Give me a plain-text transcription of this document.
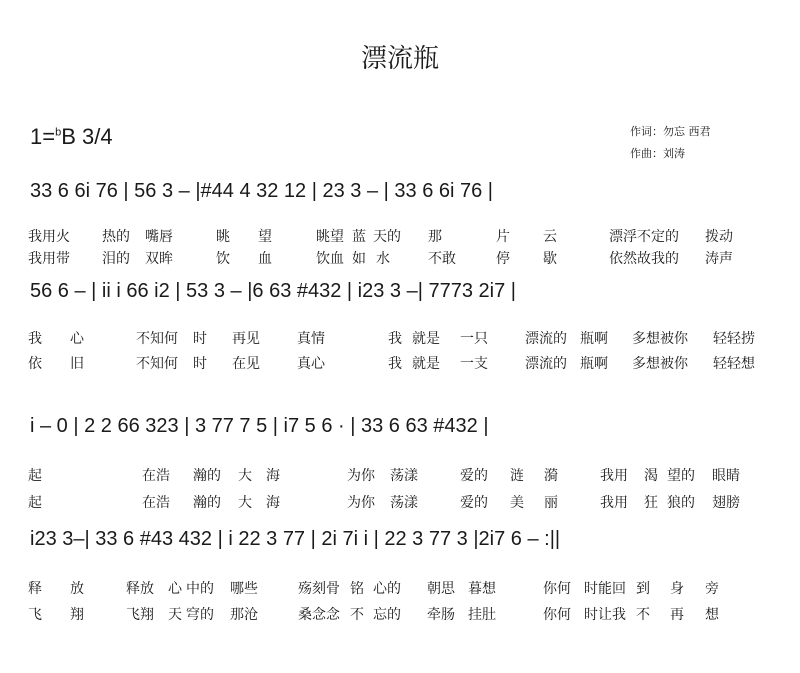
漂流瓶
1=$^b$B 3/4	作词：勿忘 西君
作曲：刘涛
33 6 6i 76 | 56 3 – |#44 4 32 12 | 23 3 – | 33 6 6i 76 |
56 6 – | ii i 66 i2 | 53 3 – |6 63 #432 | i23 3 –| 7773 2i7 |
i – 0 | 2 2 66 323 | 3 77 7 5 | i7 5 6 · | 33 6 63 #432 |
i23 3–| 33 6 #43 432 | i 22 3 77 | 2i 7i i | 22 3 77 3 |2i7 6 – :||
我用火 热的 嘴唇	眺 望	眺望 蓝 天的 那	片 云	漂浮不定的 拨动
我用带 泪的 双眸	饮 血	饮血 如 水	不敢	停 歇	依然故我的 涛声
我 心	不知何 时 再见	真情	我 就是 一只	漂流的 瓶啊 多想被你 轻轻捞
依 旧	不知何 时 在见	真心	我 就是 一支	漂流的 瓶啊 多想被你 轻轻想
起	在浩 瀚的 大 海	为你 荡漾	爱的 涟 漪	我用 渴 望的 眼睛
起	在浩 瀚的 大 海	为你 荡漾	爱的 美 丽	我用 狂 狼的 翅膀
释 放	释放 心 中的 哪些	殇刻骨 铭 心的 朝思 暮想	你何 时能回 到 身 旁
飞 翔	飞翔 天 穹的 那沧	桑念念 不 忘的 牵肠 挂肚	你何 时让我 不 再 想
